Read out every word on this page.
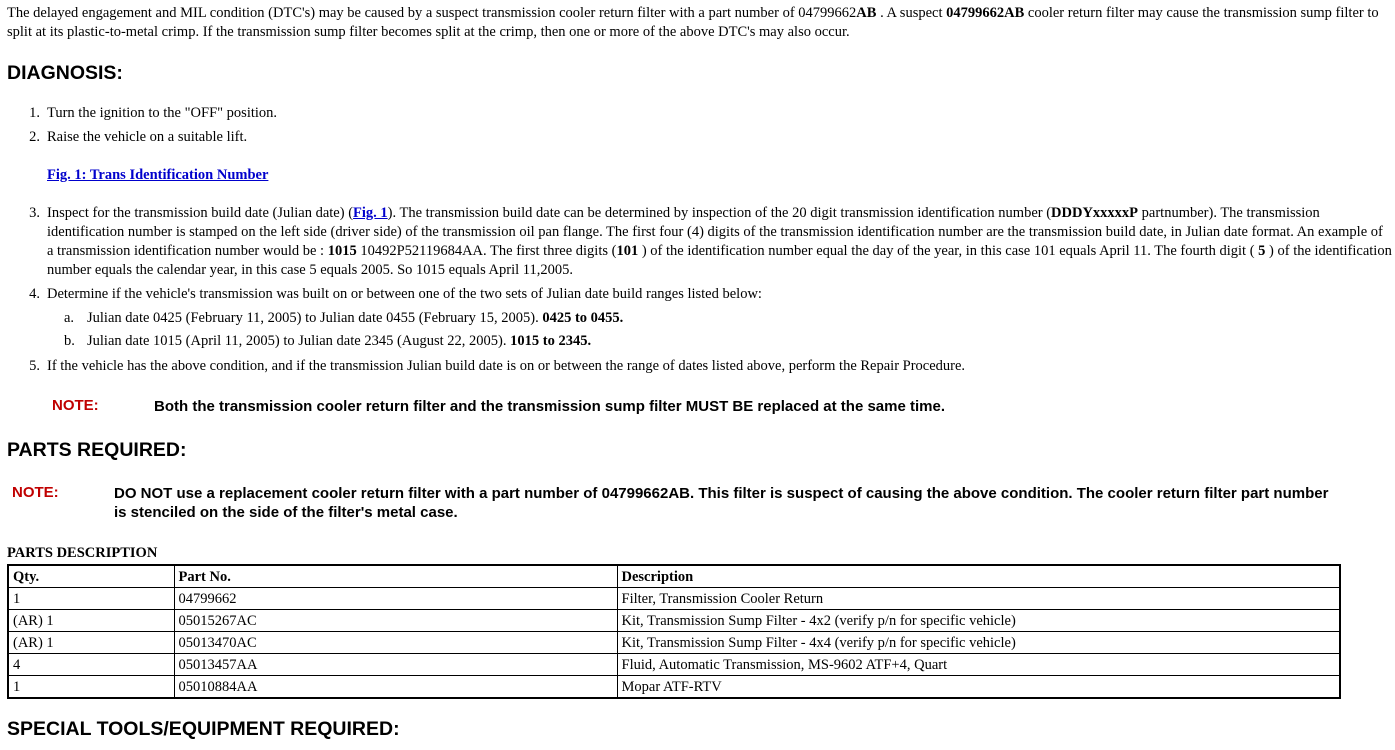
The delayed engagement and MIL condition (DTC's) may be caused by a suspect transmission cooler return filter with a part number of 04799662AB . A suspect 04799662AB cooler return filter may cause the transmission sump filter to split at its plastic-to-metal crimp. If the transmission sump filter becomes split at the crimp, then one or more of the above DTC's may also occur.
DIAGNOSIS:
1. Turn the ignition to the "OFF" position.
2. Raise the vehicle on a suitable lift.
Fig. 1: Trans Identification Number
3. Inspect for the transmission build date (Julian date) (Fig. 1). The transmission build date can be determined by inspection of the 20 digit transmission identification number (DDDYxxxxxP partnumber). The transmission identification number is stamped on the left side (driver side) of the transmission oil pan flange. The first four (4) digits of the transmission identification number are the transmission build date, in Julian date format. An example of a transmission identification number would be : 1015 10492P52119684AA. The first three digits (101 ) of the identification number equal the day of the year, in this case 101 equals April 11. The fourth digit ( 5 ) of the identification number equals the calendar year, in this case 5 equals 2005. So 1015 equals April 11,2005.
4. Determine if the vehicle's transmission was built on or between one of the two sets of Julian date build ranges listed below:
a. Julian date 0425 (February 11, 2005) to Julian date 0455 (February 15, 2005). 0425 to 0455.
b. Julian date 1015 (April 11, 2005) to Julian date 2345 (August 22, 2005). 1015 to 2345.
5. If the vehicle has the above condition, and if the transmission Julian build date is on or between the range of dates listed above, perform the Repair Procedure.
NOTE:	Both the transmission cooler return filter and the transmission sump filter MUST BE replaced at the same time.
PARTS REQUIRED:
NOTE:	DO NOT use a replacement cooler return filter with a part number of 04799662AB. This filter is suspect of causing the above condition. The cooler return filter part number is stenciled on the side of the filter's metal case.
PARTS DESCRIPTION
Qty.	Part No.	Description
1	04799662	Filter, Transmission Cooler Return
(AR) 1	05015267AC	Kit, Transmission Sump Filter - 4x2 (verify p/n for specific vehicle)
(AR) 1	05013470AC	Kit, Transmission Sump Filter - 4x4 (verify p/n for specific vehicle)
4	05013457AA	Fluid, Automatic Transmission, MS-9602 ATF+4, Quart
1	05010884AA	Mopar ATF-RTV
SPECIAL TOOLS/EQUIPMENT REQUIRED:
